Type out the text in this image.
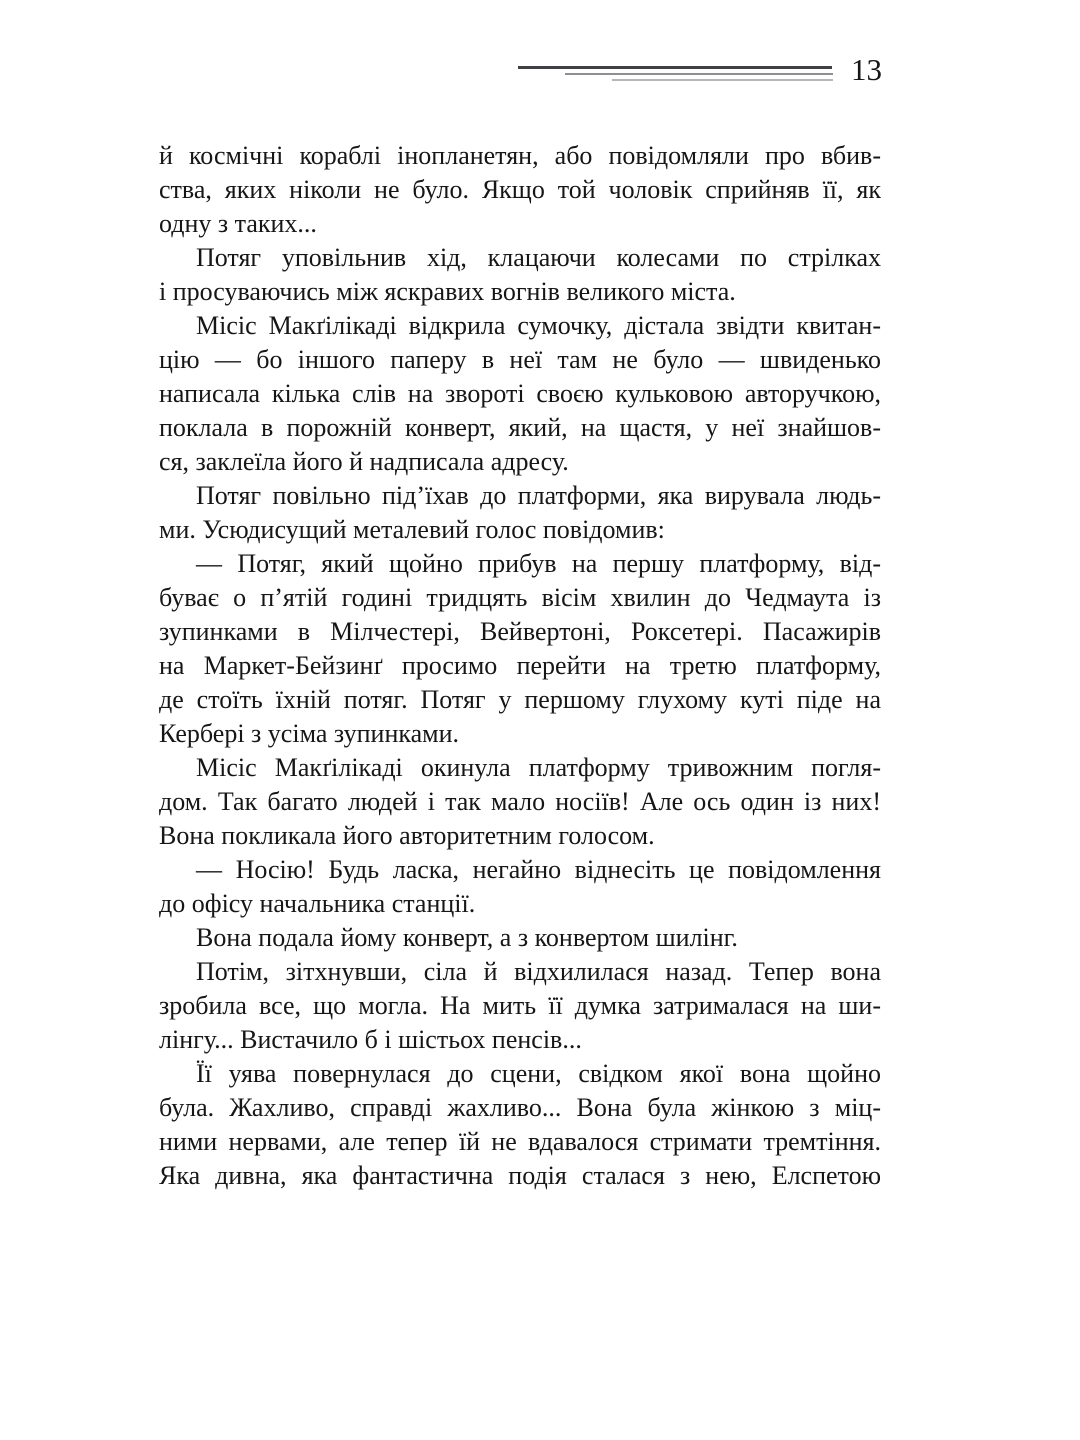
13
й космічні кораблі інопланетян, або повідомляли про вбив-
ства, яких ніколи не було. Якщо той чоловік сприйняв її, як
одну з таких...
Потяг уповільнив хід, клацаючи колесами по стрілках
і просуваючись між яскравих вогнів великого міста.
Місіс Макґілікаді відкрила сумочку, дістала звідти квитан-
цію — бо іншого паперу в неї там не було — швиденько
написала кілька слів на звороті своєю кульковою авторучкою,
поклала в порожній конверт, який, на щастя, у неї знайшов-
ся, заклеїла його й надписала адресу.
Потяг повільно під’їхав до платформи, яка вирувала людь-
ми. Усюдисущий металевий голос повідомив:
— Потяг, який щойно прибув на першу платформу, від-
буває о п’ятій годині тридцять вісім хвилин до Чедмаута із
зупинками в Мілчестері, Вейвертоні, Роксетері. Пасажирів
на Маркет-Бейзинґ просимо перейти на третю платформу,
де стоїть їхній потяг. Потяг у першому глухому куті піде на
Кербері з усіма зупинками.
Місіс Макґілікаді окинула платформу тривожним погля-
дом. Так багато людей і так мало носіїв! Але ось один із них!
Вона покликала його авторитетним голосом.
— Носію! Будь ласка, негайно віднесіть це повідомлення
до офісу начальника станції.
Вона подала йому конверт, а з конвертом шилінг.
Потім, зітхнувши, сіла й відхилилася назад. Тепер вона
зробила все, що могла. На мить її думка затрималася на ши-
лінгу... Вистачило б і шістьох пенсів...
Її уява повернулася до сцени, свідком якої вона щойно
була. Жахливо, справді жахливо... Вона була жінкою з міц-
ними нервами, але тепер їй не вдавалося стримати тремтіння.
Яка дивна, яка фантастична подія сталася з нею, Елспетою
